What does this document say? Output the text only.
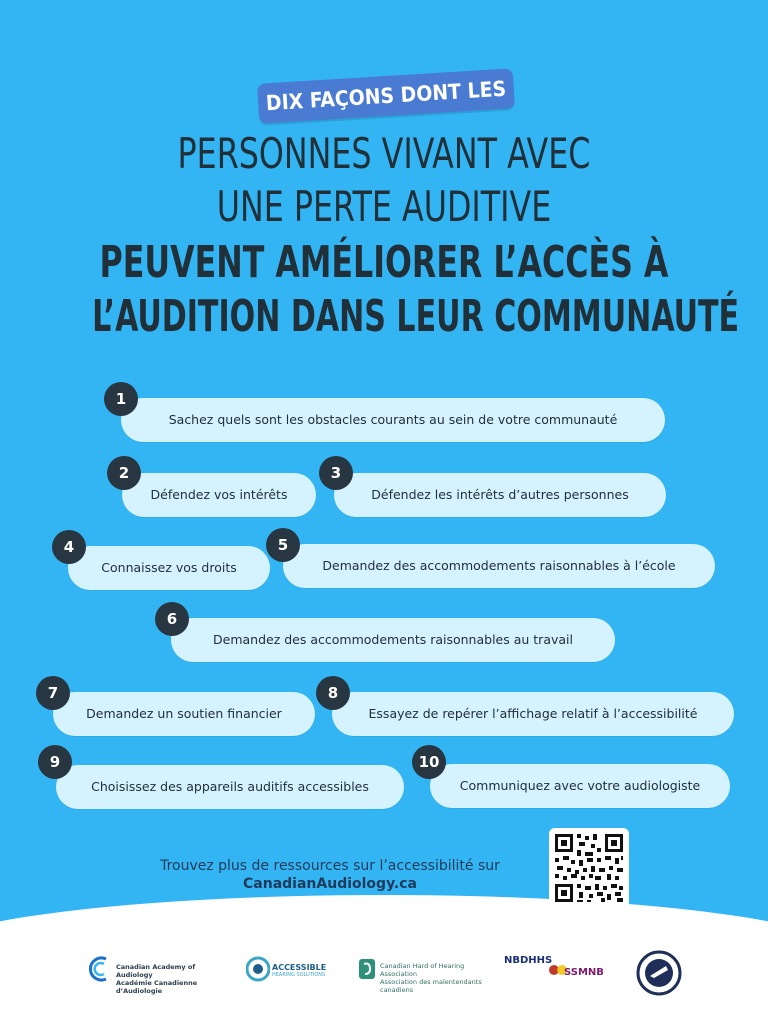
DIX FAÇONS DONT LES
PERSONNES VIVANT AVEC
UNE PERTE AUDITIVE
PEUVENT AMÉLIORER L’ACCÈS À
L’AUDITION DANS LEUR COMMUNAUTÉ
Sachez quels sont les obstacles courants au sein de votre communauté
1
Défendez vos intérêts
2
Défendez les intérêts d’autres personnes
3
Connaissez vos droits
4
Demandez des accommodements raisonnables à l’école
5
Demandez des accommodements raisonnables au travail
6
Demandez un soutien financier
7
Essayez de repérer l’affichage relatif à l’accessibilité
8
Choisissez des appareils auditifs accessibles
9
Communiquez avec votre audiologiste
10
Trouvez plus de ressources sur l’accessibilité sur
CanadianAudiology.ca
Canadian Academy of Audiology
Académie Canadienne d’Audiologie
ACCESSIBLE
HEARING SOLUTIONS
Canadian Hard of Hearing Association
Association des malentendants canadiens
NBDHHS
SSMNB
